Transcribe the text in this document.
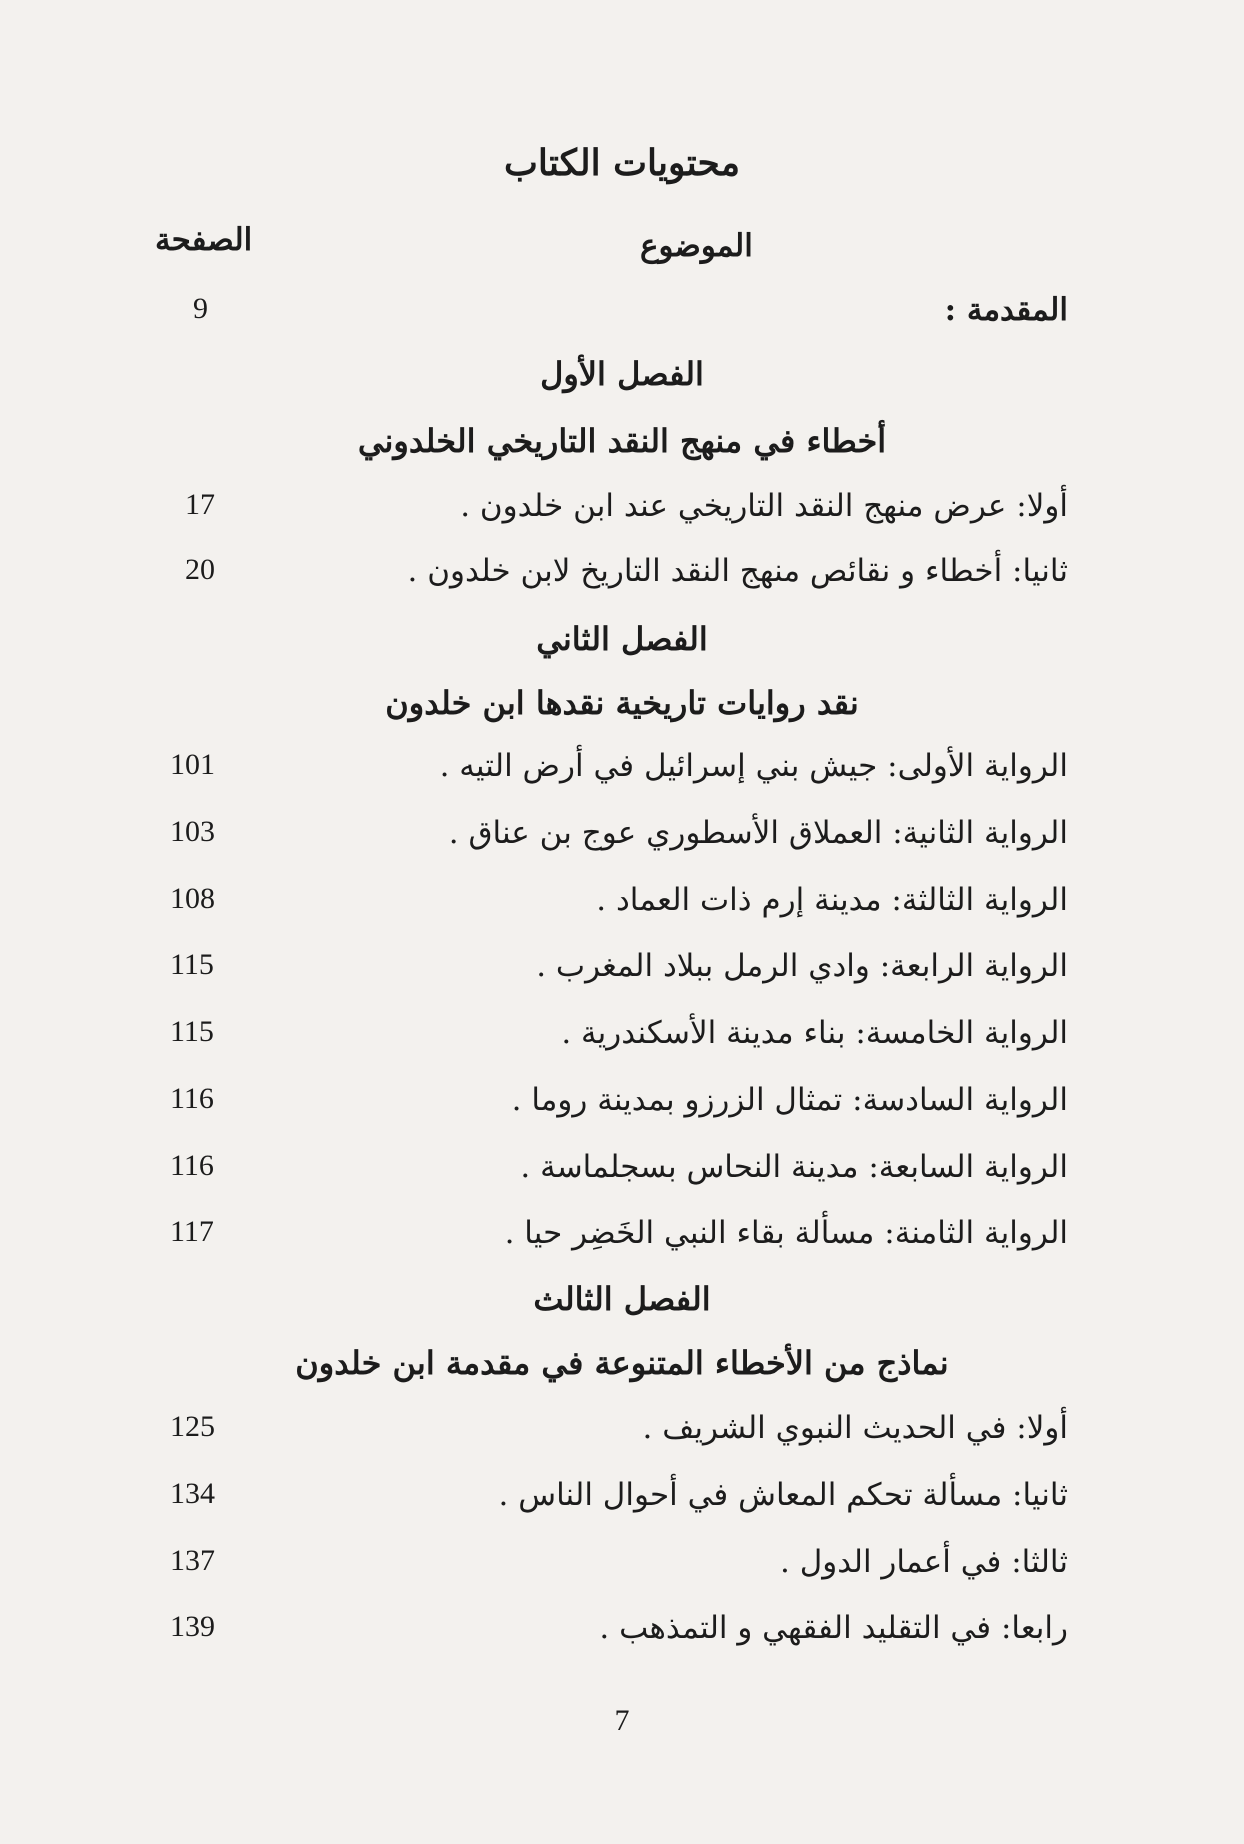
محتويات الكتاب
الصفحة	الموضوع
المقدمة :
9
الفصل الأول
أخطاء في منهج النقد التاريخي الخلدوني
أولا: عرض منهج النقد التاريخي عند ابن خلدون .
17
ثانيا: أخطاء و نقائص منهج النقد التاريخ لابن خلدون .
20
الفصل الثاني
نقد روايات تاريخية نقدها ابن خلدون
الرواية الأولى: جيش بني إسرائيل في أرض التيه .
101
الرواية الثانية: العملاق الأسطوري عوج بن عناق .
103
الرواية الثالثة: مدينة إرم ذات العماد .
108
الرواية الرابعة: وادي الرمل ببلاد المغرب .
115
الرواية الخامسة: بناء مدينة الأسكندرية .
115
الرواية السادسة: تمثال الزرزو بمدينة روما .
116
الرواية السابعة: مدينة النحاس بسجلماسة .
116
الرواية الثامنة: مسألة بقاء النبي الخَضِر حيا .
117
الفصل الثالث
نماذج من الأخطاء المتنوعة في مقدمة ابن خلدون
أولا: في الحديث النبوي الشريف .
125
ثانيا: مسألة تحكم المعاش في أحوال الناس .
134
ثالثا: في أعمار الدول .
137
رابعا: في التقليد الفقهي و التمذهب .
139
7
